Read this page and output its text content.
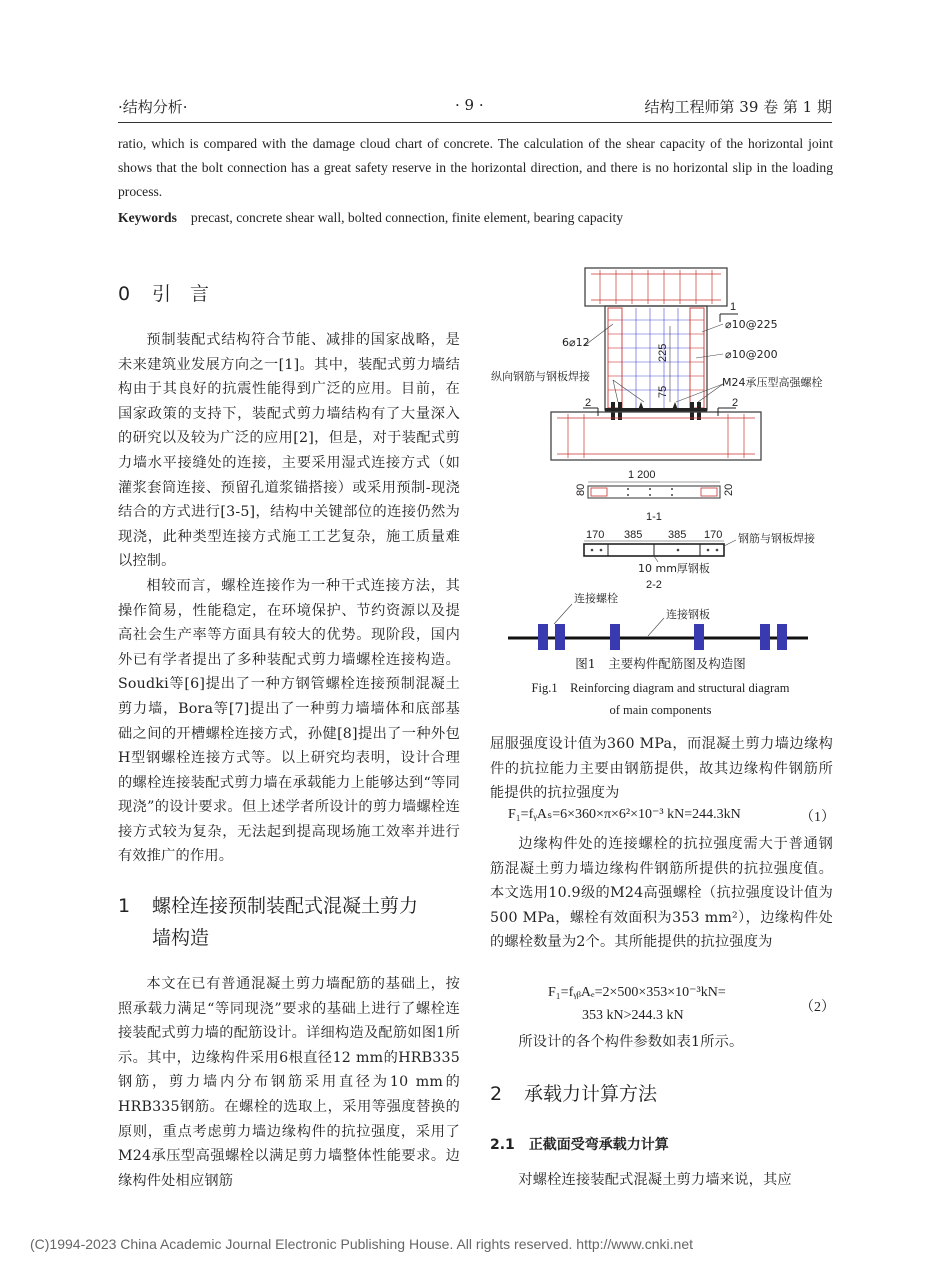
·结构分析·	· 9 ·	结构工程师第 39 卷 第 1 期
ratio, which is compared with the damage cloud chart of concrete. The calculation of the shear capacity of the horizontal joint shows that the bolt connection has a great safety reserve in the horizontal direction, and there is no horizontal slip in the loading process.
Keywords precast, concrete shear wall, bolted connection, finite element, bearing capacity
0 引　言

预制装配式结构符合节能、减排的国家战略，是未来建筑业发展方向之一[1]。其中，装配式剪力墙结构由于其良好的抗震性能得到广泛的应用。目前，在国家政策的支持下，装配式剪力墙结构有了大量深入的研究以及较为广泛的应用[2]，但是，对于装配式剪力墙水平接缝处的连接，主要采用湿式连接方式（如灌浆套筒连接、预留孔道浆锚搭接）或采用预制-现浇结合的方式进行[3-5]，结构中关键部位的连接仍然为现浇，此种类型连接方式施工工艺复杂，施工质量难以控制。

相较而言，螺栓连接作为一种干式连接方法，其操作简易，性能稳定，在环境保护、节约资源以及提高社会生产率等方面具有较大的优势。现阶段，国内外已有学者提出了多种装配式剪力墙螺栓连接构造。Soudki等[6]提出了一种方钢管螺栓连接预制混凝土剪力墙，Bora等[7]提出了一种剪力墙墙体和底部基础之间的开槽螺栓连接方式，孙健[8]提出了一种外包H型钢螺栓连接方式等。以上研究均表明，设计合理的螺栓连接装配式剪力墙在承载能力上能够达到“等同现浇”的设计要求。但上述学者所设计的剪力墙螺栓连接方式较为复杂，无法起到提高现场施工效率并进行有效推广的作用。

1 螺栓连接预制装配式混凝土剪力
墙构造

本文在已有普通混凝土剪力墙配筋的基础上，按照承载力满足“等同现浇”要求的基础上进行了螺栓连接装配式剪力墙的配筋设计。详细构造及配筋如图1所示。其中，边缘构件采用6根直径12 mm的HRB335钢筋，剪力墙内分布钢筋采用直径为10 mm的HRB335钢筋。在螺栓的选取上，采用等强度替换的原则，重点考虑剪力墙边缘构件的抗拉强度，采用了M24承压型高强螺栓以满足剪力墙整体性能要求。边缘构件处相应钢筋

225
75
1
2	2
6⌀12
⌀10@225
⌀10@200
纵向钢筋与钢板焊接	M24承压型高强螺栓
1 200
80	20
1-1
170 385 385 170 钢筋与钢板焊接
10 mm厚钢板
2-2
连接螺栓
连接钢板
图1　主要构件配筋图及构造图
Fig.1　Reinforcing diagram and structural diagram
of main components
屈服强度设计值为360 MPa，而混凝土剪力墙边缘构件的抗拉能力主要由钢筋提供，故其边缘构件钢筋所能提供的抗拉强度为
F₁=fᵧAₛ=6×360×π×6²×10⁻³ kN=244.3kN	（1）

边缘构件处的连接螺栓的抗拉强度需大于普通钢筋混凝土剪力墙边缘构件钢筋所提供的抗拉强度值。本文选用10.9级的M24高强螺栓（抗拉强度设计值为500 MPa，螺栓有效面积为353 mm²），边缘构件处的螺栓数量为2个。其所能提供的抗拉强度为

F₁=fᵧᵦAₑ=2×500×353×10⁻³kN=
353 kN>244.3 kN
（2）

所设计的各个构件参数如表1所示。

2 承载力计算方法
2.1 正截面受弯承载力计算

对螺栓连接装配式混凝土剪力墙来说，其应

(C)1994-2023 China Academic Journal Electronic Publishing House. All rights reserved. http://www.cnki.net
